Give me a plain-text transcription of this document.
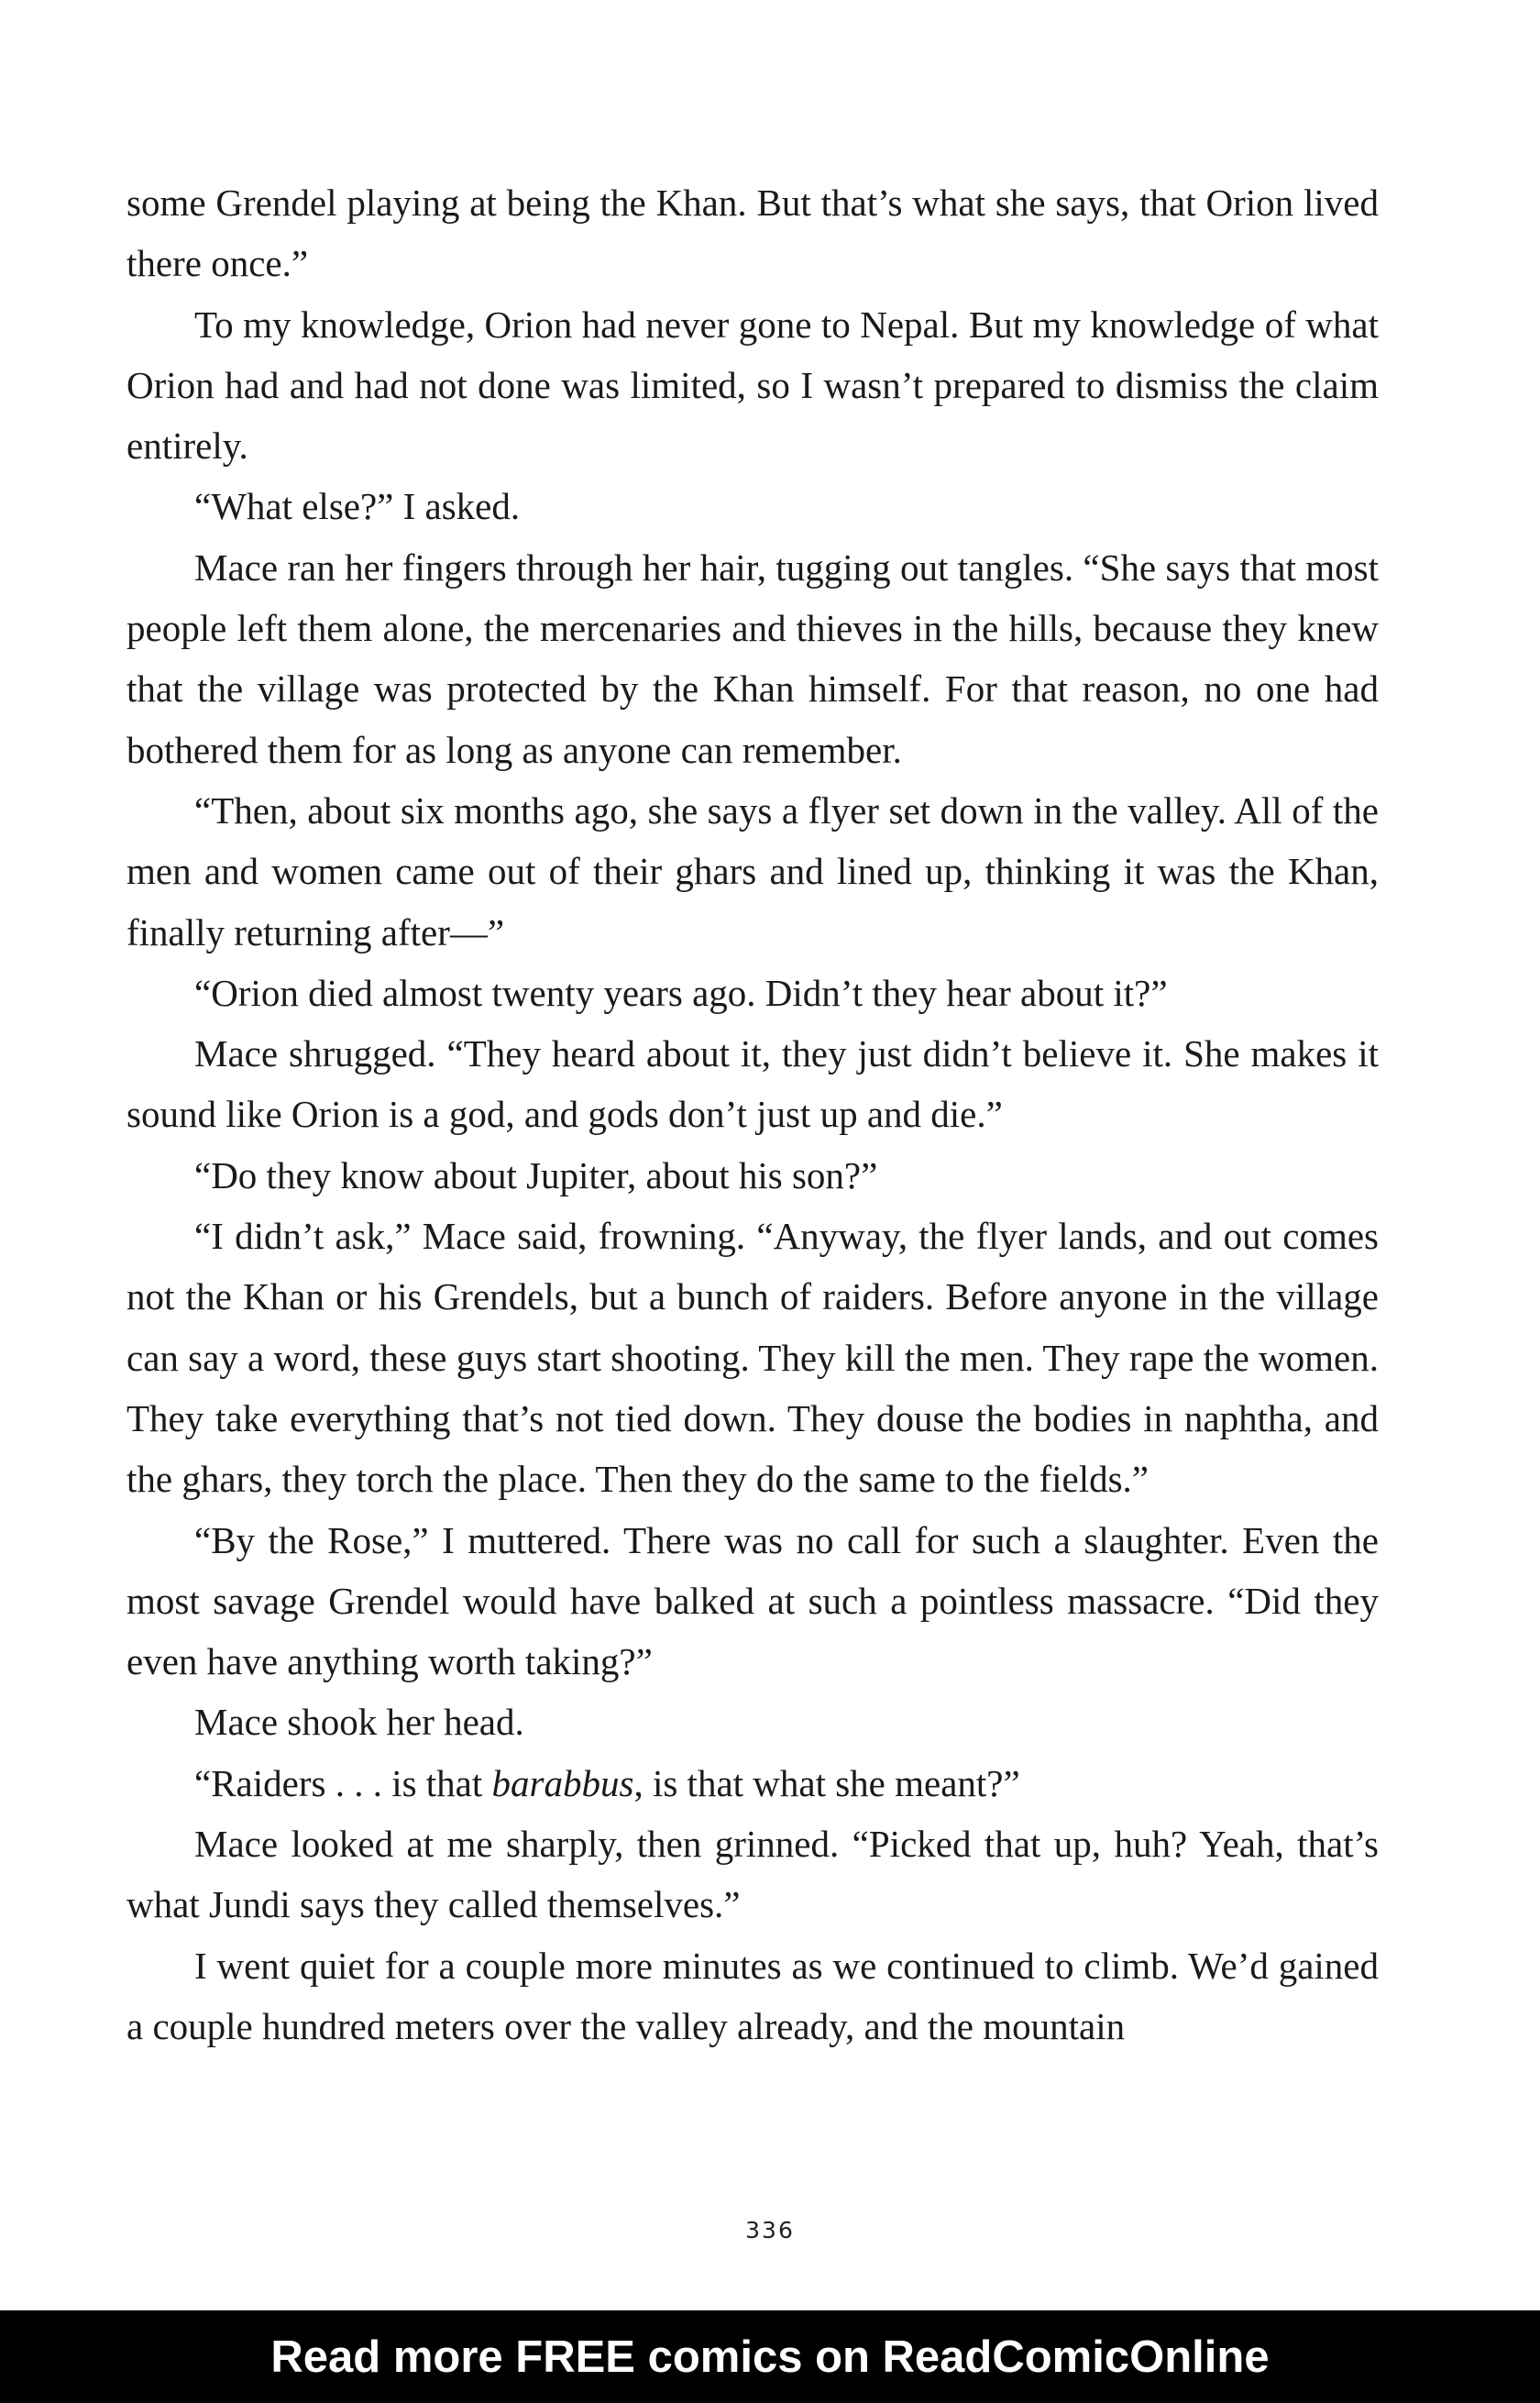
some Grendel playing at being the Khan. But that’s what she says, that Orion lived there once.”

To my knowledge, Orion had never gone to Nepal. But my knowledge of what Orion had and had not done was limited, so I wasn’t prepared to dismiss the claim entirely.

“What else?” I asked.

Mace ran her fingers through her hair, tugging out tangles. “She says that most people left them alone, the mercenaries and thieves in the hills, because they knew that the village was protected by the Khan himself. For that reason, no one had bothered them for as long as anyone can remember.

“Then, about six months ago, she says a flyer set down in the valley. All of the men and women came out of their ghars and lined up, thinking it was the Khan, finally returning after—”

“Orion died almost twenty years ago. Didn’t they hear about it?”

Mace shrugged. “They heard about it, they just didn’t believe it. She makes it sound like Orion is a god, and gods don’t just up and die.”

“Do they know about Jupiter, about his son?”

“I didn’t ask,” Mace said, frowning. “Anyway, the flyer lands, and out comes not the Khan or his Grendels, but a bunch of raiders. Before anyone in the village can say a word, these guys start shooting. They kill the men. They rape the women. They take everything that’s not tied down. They douse the bodies in naphtha, and the ghars, they torch the place. Then they do the same to the fields.”

“By the Rose,” I muttered. There was no call for such a slaughter. Even the most savage Grendel would have balked at such a pointless massacre. “Did they even have anything worth taking?”

Mace shook her head.

“Raiders . . . is that barabbus, is that what she meant?”

Mace looked at me sharply, then grinned. “Picked that up, huh? Yeah, that’s what Jundi says they called themselves.”

I went quiet for a couple more minutes as we continued to climb. We’d gained a couple hundred meters over the valley already, and the mountain

336
Read more FREE comics on ReadComicOnline
